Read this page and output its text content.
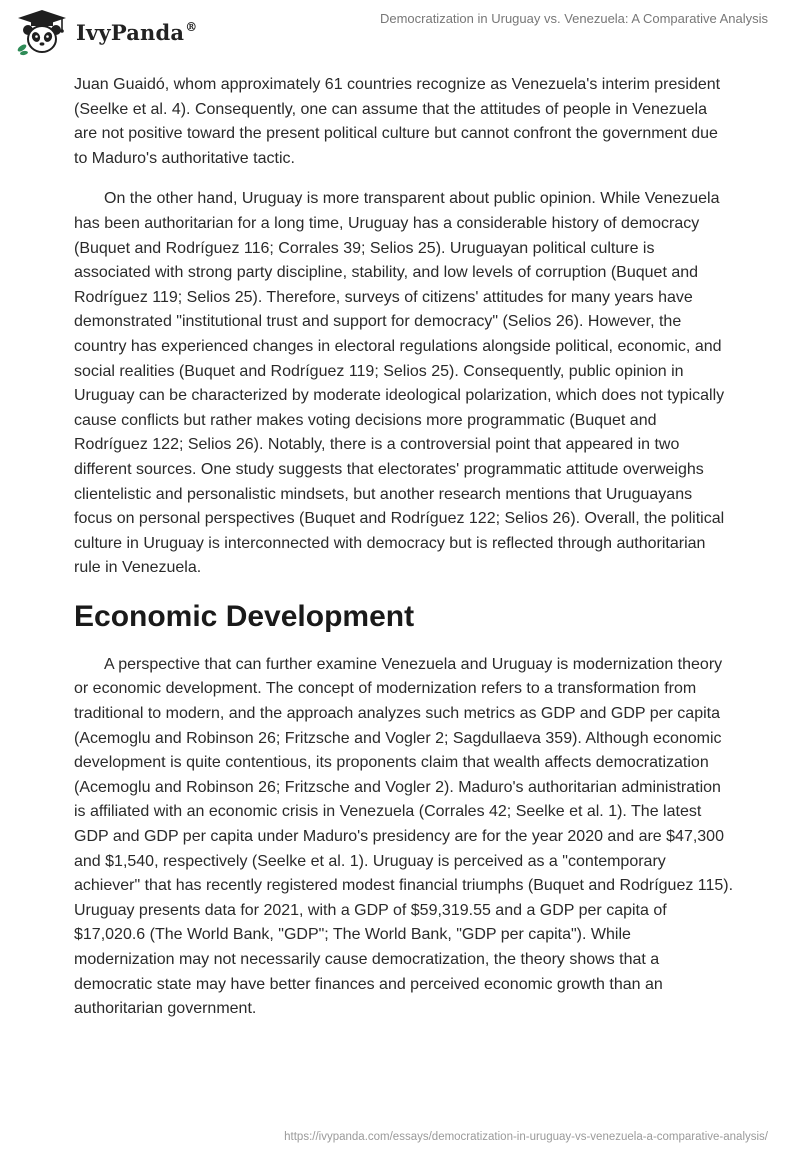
IvyPanda®
Democratization in Uruguay vs. Venezuela: A Comparative Analysis

Juan Guaidó, whom approximately 61 countries recognize as Venezuela's interim president (Seelke et al. 4). Consequently, one can assume that the attitudes of people in Venezuela are not positive toward the present political culture but cannot confront the government due to Maduro's authoritative tactic.

On the other hand, Uruguay is more transparent about public opinion. While Venezuela has been authoritarian for a long time, Uruguay has a considerable history of democracy (Buquet and Rodríguez 116; Corrales 39; Selios 25). Uruguayan political culture is associated with strong party discipline, stability, and low levels of corruption (Buquet and Rodríguez 119; Selios 25). Therefore, surveys of citizens' attitudes for many years have demonstrated "institutional trust and support for democracy" (Selios 26). However, the country has experienced changes in electoral regulations alongside political, economic, and social realities (Buquet and Rodríguez 119; Selios 25). Consequently, public opinion in Uruguay can be characterized by moderate ideological polarization, which does not typically cause conflicts but rather makes voting decisions more programmatic (Buquet and Rodríguez 122; Selios 26). Notably, there is a controversial point that appeared in two different sources. One study suggests that electorates' programmatic attitude overweighs clientelistic and personalistic mindsets, but another research mentions that Uruguayans focus on personal perspectives (Buquet and Rodríguez 122; Selios 26). Overall, the political culture in Uruguay is interconnected with democracy but is reflected through authoritarian rule in Venezuela.

Economic Development

A perspective that can further examine Venezuela and Uruguay is modernization theory or economic development. The concept of modernization refers to a transformation from traditional to modern, and the approach analyzes such metrics as GDP and GDP per capita (Acemoglu and Robinson 26; Fritzsche and Vogler 2; Sagdullaeva 359). Although economic development is quite contentious, its proponents claim that wealth affects democratization (Acemoglu and Robinson 26; Fritzsche and Vogler 2). Maduro's authoritarian administration is affiliated with an economic crisis in Venezuela (Corrales 42; Seelke et al. 1). The latest GDP and GDP per capita under Maduro's presidency are for the year 2020 and are $47,300 and $1,540, respectively (Seelke et al. 1). Uruguay is perceived as a "contemporary achiever" that has recently registered modest financial triumphs (Buquet and Rodríguez 115). Uruguay presents data for 2021, with a GDP of $59,319.55 and a GDP per capita of $17,020.6 (The World Bank, "GDP"; The World Bank, "GDP per capita"). While modernization may not necessarily cause democratization, the theory shows that a democratic state may have better finances and perceived economic growth than an authoritarian government.

https://ivypanda.com/essays/democratization-in-uruguay-vs-venezuela-a-comparative-analysis/
